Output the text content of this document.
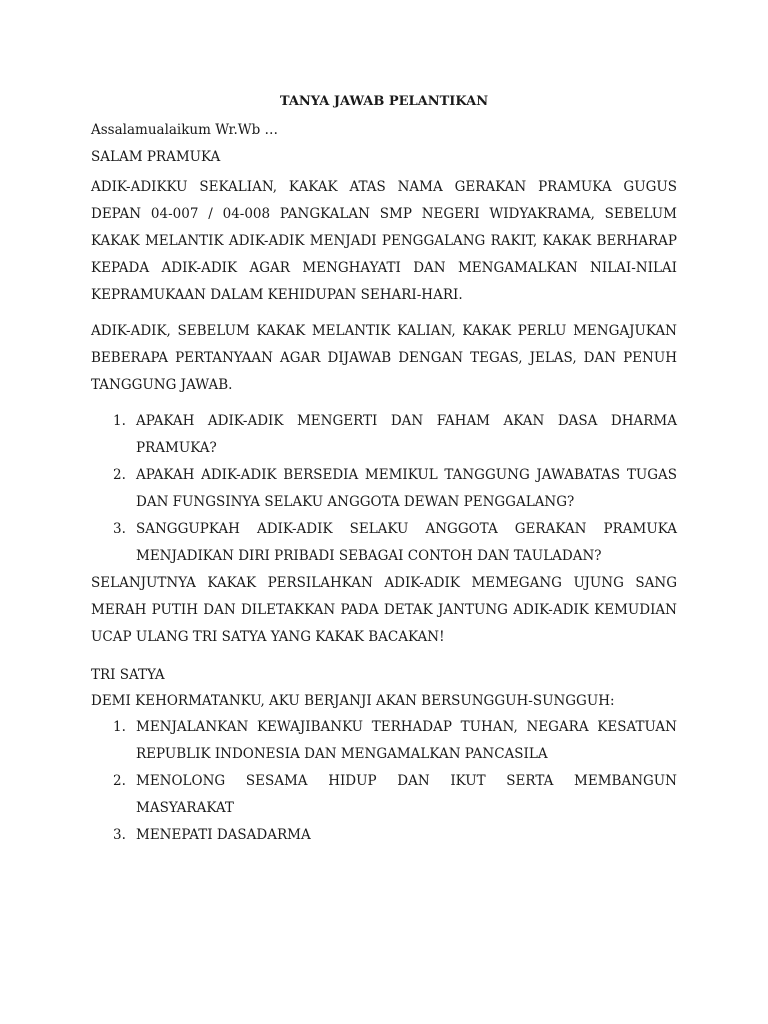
TANYA JAWAB PELANTIKAN

Assalamualaikum Wr.Wb …

SALAM PRAMUKA

ADIK-ADIKKU SEKALIAN, KAKAK ATAS NAMA GERAKAN PRAMUKA GUGUS DEPAN 04-007 / 04-008 PANGKALAN SMP NEGERI WIDYAKRAMA, SEBELUM KAKAK MELANTIK ADIK-ADIK MENJADI PENGGALANG RAKIT, KAKAK BERHARAP KEPADA ADIK-ADIK AGAR MENGHAYATI DAN MENGAMALKAN NILAI-NILAI KEPRAMUKAAN DALAM KEHIDUPAN SEHARI-HARI.

ADIK-ADIK, SEBELUM KAKAK MELANTIK KALIAN, KAKAK PERLU MENGAJUKAN BEBERAPA PERTANYAAN AGAR DIJAWAB DENGAN TEGAS, JELAS, DAN PENUH TANGGUNG JAWAB.

1. APAKAH ADIK-ADIK MENGERTI DAN FAHAM AKAN DASA DHARMA PRAMUKA?
2. APAKAH ADIK-ADIK BERSEDIA MEMIKUL TANGGUNG JAWABATAS TUGAS DAN FUNGSINYA SELAKU ANGGOTA DEWAN PENGGALANG?
3. SANGGUPKAH ADIK-ADIK SELAKU ANGGOTA GERAKAN PRAMUKA MENJADIKAN DIRI PRIBADI SEBAGAI CONTOH DAN TAULADAN?

SELANJUTNYA KAKAK PERSILAHKAN ADIK-ADIK MEMEGANG UJUNG SANG MERAH PUTIH DAN DILETAKKAN PADA DETAK JANTUNG ADIK-ADIK KEMUDIAN UCAP ULANG TRI SATYA YANG KAKAK BACAKAN!

TRI SATYA

DEMI KEHORMATANKU, AKU BERJANJI AKAN BERSUNGGUH-SUNGGUH:

1. MENJALANKAN KEWAJIBANKU TERHADAP TUHAN, NEGARA KESATUAN REPUBLIK INDONESIA DAN MENGAMALKAN PANCASILA
2. MENOLONG SESAMA HIDUP DAN IKUT SERTA MEMBANGUN MASYARAKAT
3. MENEPATI DASADARMA
